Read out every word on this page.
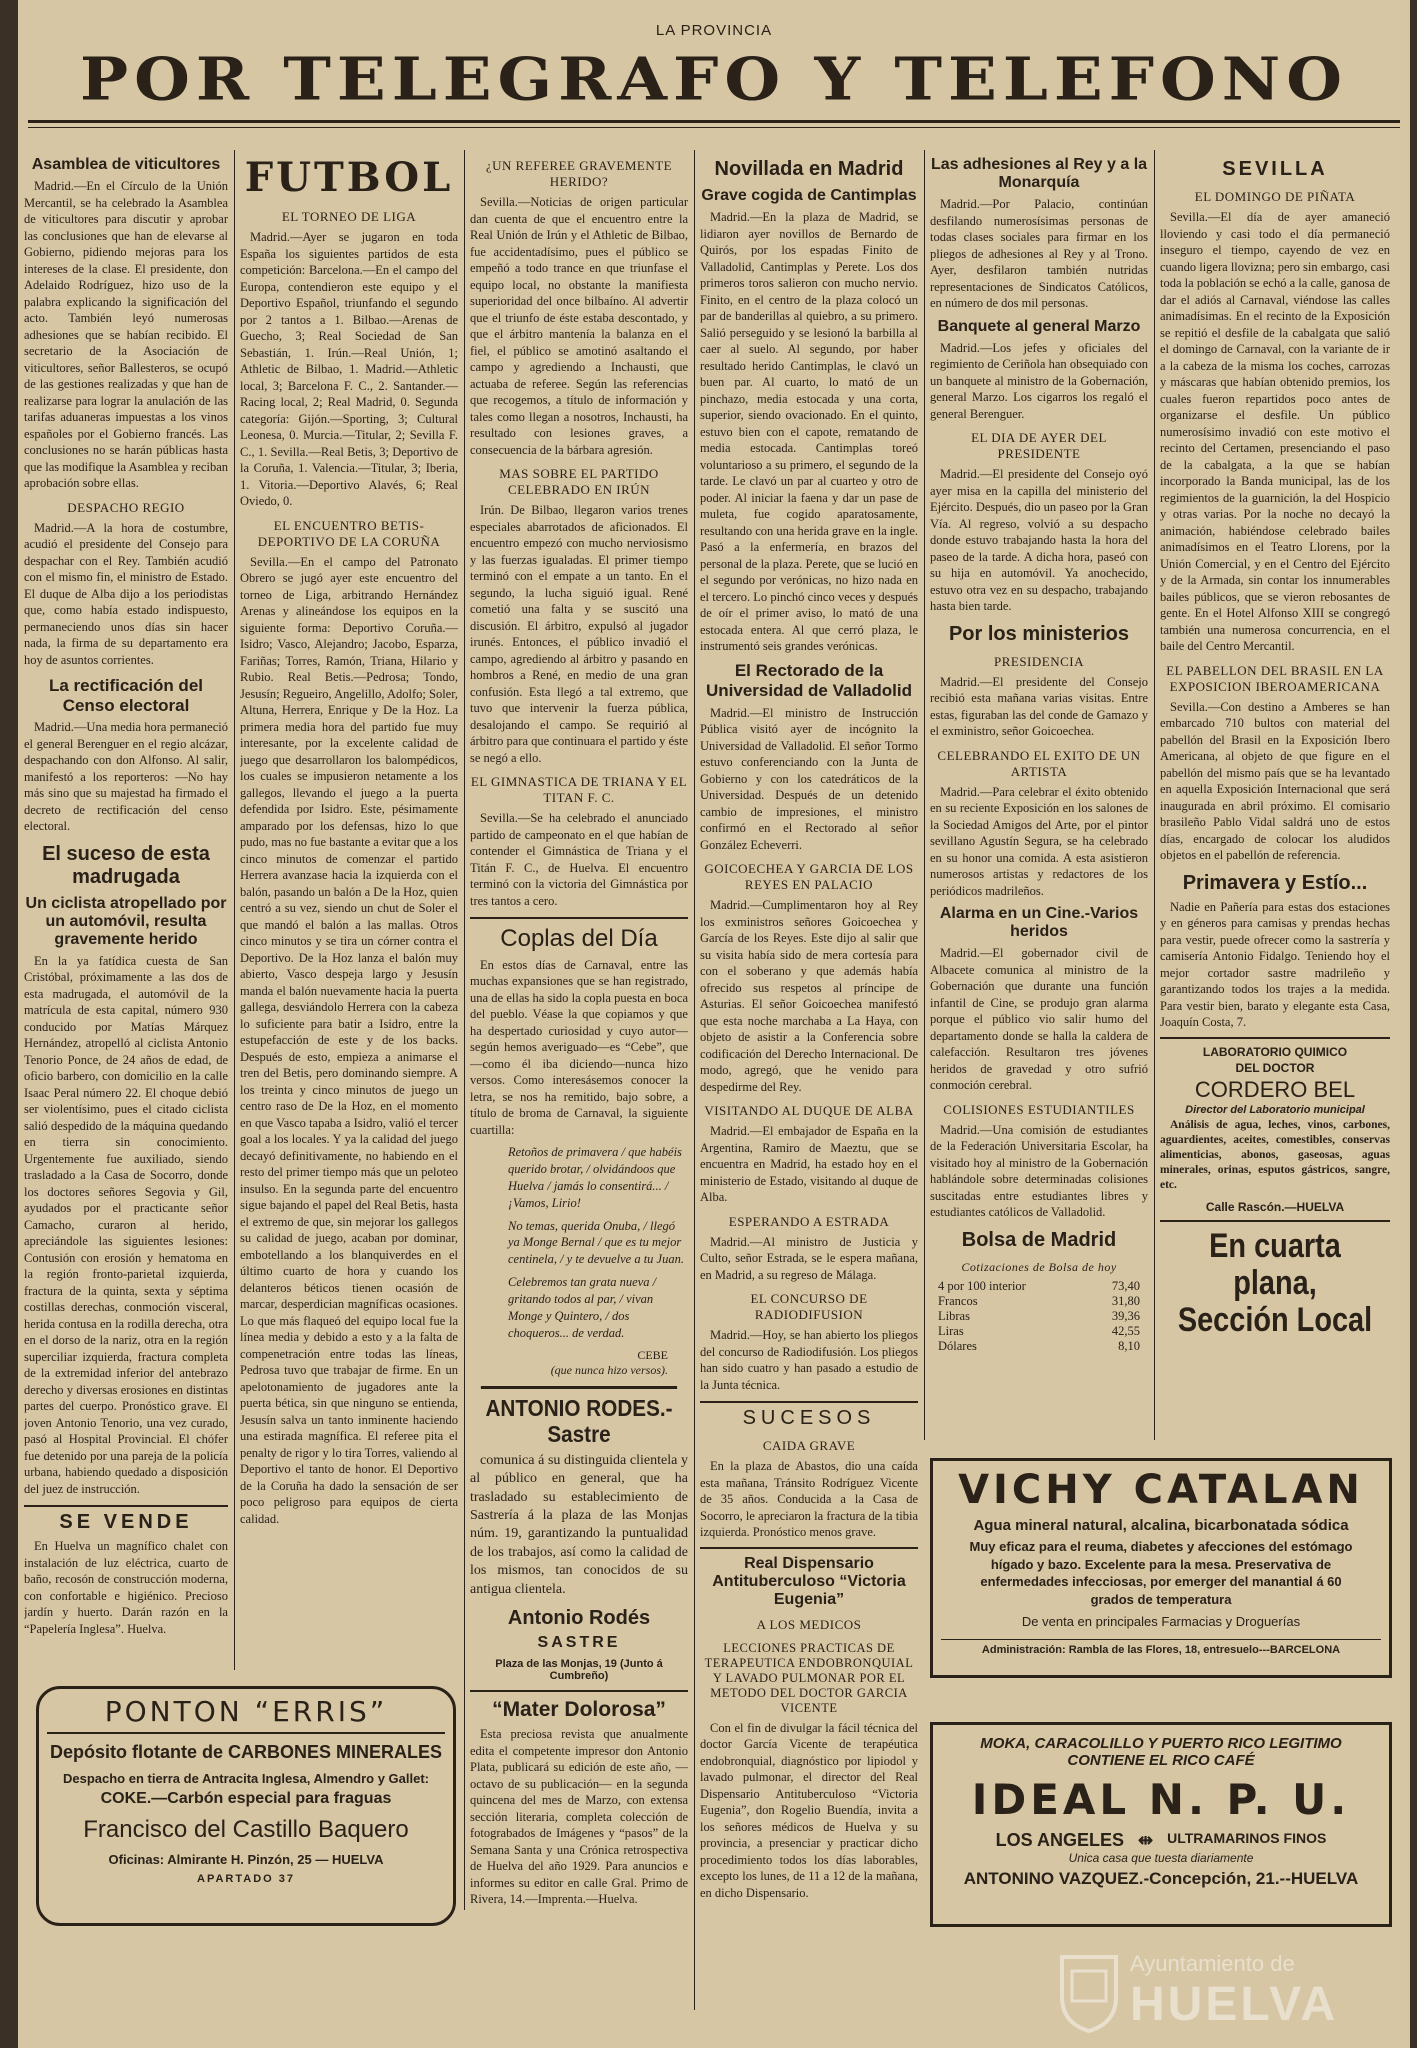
LA PROVINCIA
POR TELEGRAFO Y TELEFONO
Asamblea de viticultores
Madrid.—En el Círculo de la Unión Mercantil, se ha celebrado la Asamblea de viticultores para discutir y aprobar las conclusiones que han de elevarse al Gobierno, pidiendo mejoras para los intereses de la clase. El presidente, don Adelaido Rodríguez, hizo uso de la palabra explicando la significación del acto. También leyó numerosas adhesiones que se habían recibido. El secretario de la Asociación de viticultores, señor Ballesteros, se ocupó de las gestiones realizadas y que han de realizarse para lograr la anulación de las tarifas aduaneras impuestas a los vinos españoles por el Gobierno francés. Las conclusiones no se harán públicas hasta que las modifique la Asamblea y reciban aprobación sobre ellas.
DESPACHO REGIO
Madrid.—A la hora de costumbre, acudió el presidente del Consejo para despachar con el Rey. También acudió con el mismo fin, el ministro de Estado. El duque de Alba dijo a los periodistas que, como había estado indispuesto, permaneciendo unos días sin hacer nada, la firma de su departamento era hoy de asuntos corrientes.
La rectificación del Censo electoral
Madrid.—Una media hora permaneció el general Berenguer en el regio alcázar, despachando con don Alfonso. Al salir, manifestó a los reporteros: —No hay más sino que su majestad ha firmado el decreto de rectificación del censo electoral.
El suceso de esta madrugada
Un ciclista atropellado por un automóvil, resulta gravemente herido
En la ya fatídica cuesta de San Cristóbal, próximamente a las dos de esta madrugada, el automóvil de la matrícula de esta capital, número 930 conducido por Matías Márquez Hernández, atropelló al ciclista Antonio Tenorio Ponce, de 24 años de edad, de oficio barbero, con domicilio en la calle Isaac Peral número 22. El choque debió ser violentísimo, pues el citado ciclista salió despedido de la máquina quedando en tierra sin conocimiento. Urgentemente fue auxiliado, siendo trasladado a la Casa de Socorro, donde los doctores señores Segovia y Gil, ayudados por el practicante señor Camacho, curaron al herido, apreciándole las siguientes lesiones: Contusión con erosión y hematoma en la región fronto-parietal izquierda, fractura de la quinta, sexta y séptima costillas derechas, conmoción visceral, herida contusa en la rodilla derecha, otra en el dorso de la nariz, otra en la región superciliar izquierda, fractura completa de la extremidad inferior del antebrazo derecho y diversas erosiones en distintas partes del cuerpo. Pronóstico grave. El joven Antonio Tenorio, una vez curado, pasó al Hospital Provincial. El chófer fue detenido por una pareja de la policía urbana, habiendo quedado a disposición del juez de instrucción.
SE VENDE
En Huelva un magnífico chalet con instalación de luz eléctrica, cuarto de baño, recosón de construcción moderna, con confortable e higiénico. Precioso jardín y huerto. Darán razón en la “Papelería Inglesa”. Huelva.
FUTBOL
EL TORNEO DE LIGA
Madrid.—Ayer se jugaron en toda España los siguientes partidos de esta competición: Barcelona.—En el campo del Europa, contendieron este equipo y el Deportivo Español, triunfando el segundo por 2 tantos a 1. Bilbao.—Arenas de Guecho, 3; Real Sociedad de San Sebastián, 1. Irún.—Real Unión, 1; Athletic de Bilbao, 1. Madrid.—Athletic local, 3; Barcelona F. C., 2. Santander.—Racing local, 2; Real Madrid, 0. Segunda categoría: Gijón.—Sporting, 3; Cultural Leonesa, 0. Murcia.—Titular, 2; Sevilla F. C., 1. Sevilla.—Real Betis, 3; Deportivo de la Coruña, 1. Valencia.—Titular, 3; Iberia, 1. Vitoria.—Deportivo Alavés, 6; Real Oviedo, 0.
EL ENCUENTRO BETIS-DEPORTIVO DE LA CORUÑA
Sevilla.—En el campo del Patronato Obrero se jugó ayer este encuentro del torneo de Liga, arbitrando Hernández Arenas y alineándose los equipos en la siguiente forma: Deportivo Coruña.—Isidro; Vasco, Alejandro; Jacobo, Esparza, Fariñas; Torres, Ramón, Triana, Hilario y Rubio. Real Betis.—Pedrosa; Tondo, Jesusín; Regueiro, Angelillo, Adolfo; Soler, Altuna, Herrera, Enrique y De la Hoz. La primera media hora del partido fue muy interesante, por la excelente calidad de juego que desarrollaron los balompédicos, los cuales se impusieron netamente a los gallegos, llevando el juego a la puerta defendida por Isidro. Este, pésimamente amparado por los defensas, hizo lo que pudo, mas no fue bastante a evitar que a los cinco minutos de comenzar el partido Herrera avanzase hacia la izquierda con el balón, pasando un balón a De la Hoz, quien centró a su vez, siendo un chut de Soler el que mandó el balón a las mallas. Otros cinco minutos y se tira un córner contra el Deportivo. De la Hoz lanza el balón muy abierto, Vasco despeja largo y Jesusín manda el balón nuevamente hacia la puerta gallega, desviándolo Herrera con la cabeza lo suficiente para batir a Isidro, entre la estupefacción de este y de los backs. Después de esto, empieza a animarse el tren del Betis, pero dominando siempre. A los treinta y cinco minutos de juego un centro raso de De la Hoz, en el momento en que Vasco tapaba a Isidro, valió el tercer goal a los locales. Y ya la calidad del juego decayó definitivamente, no habiendo en el resto del primer tiempo más que un peloteo insulso. En la segunda parte del encuentro sigue bajando el papel del Real Betis, hasta el extremo de que, sin mejorar los gallegos su calidad de juego, acaban por dominar, embotellando a los blanquiverdes en el último cuarto de hora y cuando los delanteros béticos tienen ocasión de marcar, desperdician magníficas ocasiones. Lo que más flaqueó del equipo local fue la línea media y debido a esto y a la falta de compenetración entre todas las líneas, Pedrosa tuvo que trabajar de firme. En un apelotonamiento de jugadores ante la puerta bética, sin que ninguno se entienda, Jesusín salva un tanto inminente haciendo una estirada magnífica. El referee pita el penalty de rigor y lo tira Torres, valiendo al Deportivo el tanto de honor. El Deportivo de la Coruña ha dado la sensación de ser poco peligroso para equipos de cierta calidad.
¿UN REFEREE GRAVEMENTE HERIDO?
Sevilla.—Noticias de origen particular dan cuenta de que el encuentro entre la Real Unión de Irún y el Athletic de Bilbao, fue accidentadísimo, pues el público se empeñó a todo trance en que triunfase el equipo local, no obstante la manifiesta superioridad del once bilbaíno. Al advertir que el triunfo de éste estaba descontado, y que el árbitro mantenía la balanza en el fiel, el público se amotinó asaltando el campo y agrediendo a Inchausti, que actuaba de referee. Según las referencias que recogemos, a título de información y tales como llegan a nosotros, Inchausti, ha resultado con lesiones graves, a consecuencia de la bárbara agresión.
MAS SOBRE EL PARTIDO CELEBRADO EN IRÚN
Irún. De Bilbao, llegaron varios trenes especiales abarrotados de aficionados. El encuentro empezó con mucho nerviosismo y las fuerzas igualadas. El primer tiempo terminó con el empate a un tanto. En el segundo, la lucha siguió igual. René cometió una falta y se suscitó una discusión. El árbitro, expulsó al jugador irunés. Entonces, el público invadió el campo, agrediendo al árbitro y pasando en hombros a René, en medio de una gran confusión. Esta llegó a tal extremo, que tuvo que intervenir la fuerza pública, desalojando el campo. Se requirió al árbitro para que continuara el partido y éste se negó a ello.
EL GIMNASTICA DE TRIANA Y EL TITAN F. C.
Sevilla.—Se ha celebrado el anunciado partido de campeonato en el que habían de contender el Gimnástica de Triana y el Titán F. C., de Huelva. El encuentro terminó con la victoria del Gimnástica por tres tantos a cero.
Coplas del Día
En estos días de Carnaval, entre las muchas expansiones que se han registrado, una de ellas ha sido la copla puesta en boca del pueblo. Véase la que copiamos y que ha despertado curiosidad y cuyo autor—según hemos averiguado—es “Cebe”, que—como él iba diciendo—nunca hizo versos. Como interesásemos conocer la letra, se nos ha remitido, bajo sobre, a título de broma de Carnaval, la siguiente cuartilla:
Retoños de primavera / que habéis querido brotar, / olvidándoos que Huelva / jamás lo consentirá... / ¡Vamos, Lirio!
No temas, querida Onuba, / llegó ya Monge Bernal / que es tu mejor centinela, / y te devuelve a tu Juan.
Celebremos tan grata nueva / gritando todos al par, / vivan Monge y Quintero, / dos choqueros... de verdad.
CEBE
(que nunca hizo versos).
ANTONIO RODES.-Sastre
comunica á su distinguida clientela y al público en general, que ha trasladado su establecimiento de Sastrería á la plaza de las Monjas núm. 19, garantizando la puntualidad de los trabajos, así como la calidad de los mismos, tan conocidos de su antigua clientela.
Antonio Rodés
SASTRE
Plaza de las Monjas, 19 (Junto á Cumbreño)
“Mater Dolorosa”
Esta preciosa revista que anualmente edita el competente impresor don Antonio Plata, publicará su edición de este año, —octavo de su publicación— en la segunda quincena del mes de Marzo, con extensa sección literaria, completa colección de fotograbados de Imágenes y “pasos” de la Semana Santa y una Crónica retrospectiva de Huelva del año 1929. Para anuncios e informes su editor en calle Gral. Primo de Rivera, 14.—Imprenta.—Huelva.
Novillada en Madrid
Grave cogida de Cantimplas
Madrid.—En la plaza de Madrid, se lidiaron ayer novillos de Bernardo de Quirós, por los espadas Finito de Valladolid, Cantimplas y Perete. Los dos primeros toros salieron con mucho nervio. Finito, en el centro de la plaza colocó un par de banderillas al quiebro, a su primero. Salió perseguido y se lesionó la barbilla al caer al suelo. Al segundo, por haber resultado herido Cantimplas, le clavó un buen par. Al cuarto, lo mató de un pinchazo, media estocada y una corta, superior, siendo ovacionado. En el quinto, estuvo bien con el capote, rematando de media estocada. Cantimplas toreó voluntarioso a su primero, el segundo de la tarde. Le clavó un par al cuarteo y otro de poder. Al iniciar la faena y dar un pase de muleta, fue cogido aparatosamente, resultando con una herida grave en la ingle. Pasó a la enfermería, en brazos del personal de la plaza. Perete, que se lució en el segundo por verónicas, no hizo nada en el tercero. Lo pinchó cinco veces y después de oír el primer aviso, lo mató de una estocada entera. Al que cerró plaza, le instrumentó seis grandes verónicas.
El Rectorado de la Universidad de Valladolid
Madrid.—El ministro de Instrucción Pública visitó ayer de incógnito la Universidad de Valladolid. El señor Tormo estuvo conferenciando con la Junta de Gobierno y con los catedráticos de la Universidad. Después de un detenido cambio de impresiones, el ministro confirmó en el Rectorado al señor González Echeverri.
GOICOECHEA Y GARCIA DE LOS REYES EN PALACIO
Madrid.—Cumplimentaron hoy al Rey los exministros señores Goicoechea y García de los Reyes. Este dijo al salir que su visita había sido de mera cortesía para con el soberano y que además había ofrecido sus respetos al príncipe de Asturias. El señor Goicoechea manifestó que esta noche marchaba a La Haya, con objeto de asistir a la Conferencia sobre codificación del Derecho Internacional. De modo, agregó, que he venido para despedirme del Rey.
VISITANDO AL DUQUE DE ALBA
Madrid.—El embajador de España en la Argentina, Ramiro de Maeztu, que se encuentra en Madrid, ha estado hoy en el ministerio de Estado, visitando al duque de Alba.
ESPERANDO A ESTRADA
Madrid.—Al ministro de Justicia y Culto, señor Estrada, se le espera mañana, en Madrid, a su regreso de Málaga.
EL CONCURSO DE RADIODIFUSION
Madrid.—Hoy, se han abierto los pliegos del concurso de Radiodifusión. Los pliegos han sido cuatro y han pasado a estudio de la Junta técnica.
SUCESOS
CAIDA GRAVE
En la plaza de Abastos, dio una caída esta mañana, Tránsito Rodríguez Vicente de 35 años. Conducida a la Casa de Socorro, le apreciaron la fractura de la tibia izquierda. Pronóstico menos grave.
Real Dispensario Antituberculoso “Victoria Eugenia”
A LOS MEDICOS
LECCIONES PRACTICAS DE TERAPEUTICA ENDOBRONQUIAL Y LAVADO PULMONAR POR EL METODO DEL DOCTOR GARCIA VICENTE
Con el fin de divulgar la fácil técnica del doctor García Vicente de terapéutica endobronquial, diagnóstico por lipiodol y lavado pulmonar, el director del Real Dispensario Antituberculoso “Victoria Eugenia”, don Rogelio Buendía, invita a los señores médicos de Huelva y su provincia, a presenciar y practicar dicho procedimiento todos los días laborables, excepto los lunes, de 11 a 12 de la mañana, en dicho Dispensario.
Las adhesiones al Rey y a la Monarquía
Madrid.—Por Palacio, continúan desfilando numerosísimas personas de todas clases sociales para firmar en los pliegos de adhesiones al Rey y al Trono. Ayer, desfilaron también nutridas representaciones de Sindicatos Católicos, en número de dos mil personas.
Banquete al general Marzo
Madrid.—Los jefes y oficiales del regimiento de Ceriñola han obsequiado con un banquete al ministro de la Gobernación, general Marzo. Los cigarros los regaló el general Berenguer.
EL DIA DE AYER DEL PRESIDENTE
Madrid.—El presidente del Consejo oyó ayer misa en la capilla del ministerio del Ejército. Después, dio un paseo por la Gran Vía. Al regreso, volvió a su despacho donde estuvo trabajando hasta la hora del paseo de la tarde. A dicha hora, paseó con su hija en automóvil. Ya anochecido, estuvo otra vez en su despacho, trabajando hasta bien tarde.
Por los ministerios
PRESIDENCIA
Madrid.—El presidente del Consejo recibió esta mañana varias visitas. Entre estas, figuraban las del conde de Gamazo y el exministro, señor Goicoechea.
CELEBRANDO EL EXITO DE UN ARTISTA
Madrid.—Para celebrar el éxito obtenido en su reciente Exposición en los salones de la Sociedad Amigos del Arte, por el pintor sevillano Agustín Segura, se ha celebrado en su honor una comida. A esta asistieron numerosos artistas y redactores de los periódicos madrileños.
Alarma en un Cine.-Varios heridos
Madrid.—El gobernador civil de Albacete comunica al ministro de la Gobernación que durante una función infantil de Cine, se produjo gran alarma porque el público vio salir humo del departamento donde se halla la caldera de calefacción. Resultaron tres jóvenes heridos de gravedad y otro sufrió conmoción cerebral.
COLISIONES ESTUDIANTILES
Madrid.—Una comisión de estudiantes de la Federación Universitaria Escolar, ha visitado hoy al ministro de la Gobernación hablándole sobre determinadas colisiones suscitadas entre estudiantes libres y estudiantes católicos de Valladolid.
Bolsa de Madrid
Cotizaciones de Bolsa de hoy
4 por 100 interior	73,40
Francos	31,80
Libras	39,36
Liras	42,55
Dólares	8,10
SEVILLA
EL DOMINGO DE PIÑATA
Sevilla.—El día de ayer amaneció lloviendo y casi todo el día permaneció inseguro el tiempo, cayendo de vez en cuando ligera llovizna; pero sin embargo, casi toda la población se echó a la calle, ganosa de dar el adiós al Carnaval, viéndose las calles animadísimas. En el recinto de la Exposición se repitió el desfile de la cabalgata que salió el domingo de Carnaval, con la variante de ir a la cabeza de la misma los coches, carrozas y máscaras que habían obtenido premios, los cuales fueron repartidos poco antes de organizarse el desfile. Un público numerosísimo invadió con este motivo el recinto del Certamen, presenciando el paso de la cabalgata, a la que se habían incorporado la Banda municipal, las de los regimientos de la guarnición, la del Hospicio y otras varias. Por la noche no decayó la animación, habiéndose celebrado bailes animadísimos en el Teatro Llorens, por la Unión Comercial, y en el Centro del Ejército y de la Armada, sin contar los innumerables bailes públicos, que se vieron rebosantes de gente. En el Hotel Alfonso XIII se congregó también una numerosa concurrencia, en el baile del Centro Mercantil.
EL PABELLON DEL BRASIL EN LA EXPOSICION IBEROAMERICANA
Sevilla.—Con destino a Amberes se han embarcado 710 bultos con material del pabellón del Brasil en la Exposición Ibero Americana, al objeto de que figure en el pabellón del mismo país que se ha levantado en aquella Exposición Internacional que será inaugurada en abril próximo. El comisario brasileño Pablo Vidal saldrá uno de estos días, encargado de colocar los aludidos objetos en el pabellón de referencia.
Primavera y Estío...
Nadie en Pañería para estas dos estaciones y en géneros para camisas y prendas hechas para vestir, puede ofrecer como la sastrería y camisería Antonio Fidalgo. Teniendo hoy el mejor cortador sastre madrileño y garantizando todos los trajes a la medida. Para vestir bien, barato y elegante esta Casa, Joaquín Costa, 7.
LABORATORIO QUIMICO
DEL DOCTOR
CORDERO BEL
Director del Laboratorio municipal
Análisis de agua, leches, vinos, carbones, aguardientes, aceites, comestibles, conservas alimenticias, abonos, gaseosas, aguas minerales, orinas, esputos gástricos, sangre, etc.
Calle Rascón.—HUELVA
En cuarta plana,
Sección Local
VICHY CATALAN
Agua mineral natural, alcalina, bicarbonatada sódica
Muy eficaz para el reuma, diabetes y afecciones del estómago hígado y bazo. Excelente para la mesa. Preservativa de enfermedades infecciosas, por emerger del manantial á 60 grados de temperatura
De venta en principales Farmacias y Droguerías
Administración: Rambla de las Flores, 18, entresuelo---BARCELONA
MOKA, CARACOLILLO Y PUERTO RICO LEGITIMO
CONTIENE EL RICO CAFÉ
IDEAL N. P. U.
LOS ANGELES ⇹ ULTRAMARINOS FINOS
Unica casa que tuesta diariamente
ANTONINO VAZQUEZ.-Concepción, 21.--HUELVA
PONTON “ERRIS”
Depósito flotante de CARBONES MINERALES
Despacho en tierra de Antracita Inglesa, Almendro y Gallet:
COKE.—Carbón especial para fraguas
Francisco del Castillo Baquero
Oficinas: Almirante H. Pinzón, 25 — HUELVA
APARTADO 37
Ayuntamiento de
HUELVA
